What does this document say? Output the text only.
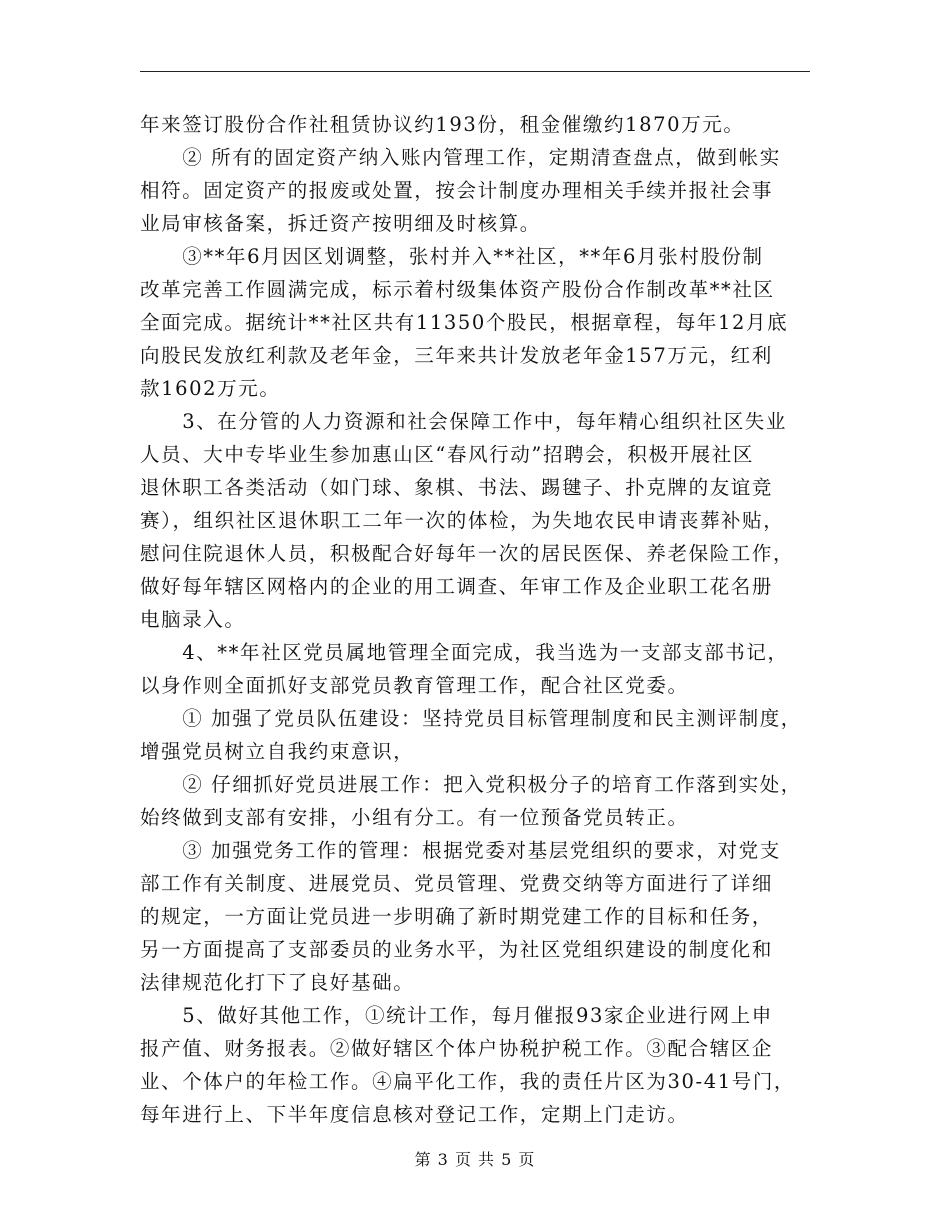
年来签订股份合作社租赁协议约193份，租金催缴约1870万元。
　　② 所有的固定资产纳入账内管理工作，定期清查盘点，做到帐实
相符。固定资产的报废或处置，按会计制度办理相关手续并报社会事
业局审核备案，拆迁资产按明细及时核算。
　　③**年6月因区划调整，张村并入**社区，**年6月张村股份制
改革完善工作圆满完成，标示着村级集体资产股份合作制改革**社区
全面完成。据统计**社区共有11350个股民，根据章程，每年12月底
向股民发放红利款及老年金，三年来共计发放老年金157万元，红利
款1602万元。
　　3、在分管的人力资源和社会保障工作中，每年精心组织社区失业
人员、大中专毕业生参加惠山区“春风行动”招聘会，积极开展社区
退休职工各类活动（如门球、象棋、书法、踢毽子、扑克牌的友谊竞
赛），组织社区退休职工二年一次的体检，为失地农民申请丧葬补贴，
慰问住院退休人员，积极配合好每年一次的居民医保、养老保险工作，
做好每年辖区网格内的企业的用工调查、年审工作及企业职工花名册
电脑录入。
　　4、**年社区党员属地管理全面完成，我当选为一支部支部书记，
以身作则全面抓好支部党员教育管理工作，配合社区党委。
　　① 加强了党员队伍建设：坚持党员目标管理制度和民主测评制度，
增强党员树立自我约束意识，
　　② 仔细抓好党员进展工作：把入党积极分子的培育工作落到实处，
始终做到支部有安排，小组有分工。有一位预备党员转正。
　　③ 加强党务工作的管理：根据党委对基层党组织的要求，对党支
部工作有关制度、进展党员、党员管理、党费交纳等方面进行了详细
的规定，一方面让党员进一步明确了新时期党建工作的目标和任务，
另一方面提高了支部委员的业务水平，为社区党组织建设的制度化和
法律规范化打下了良好基础。
　　5、做好其他工作，①统计工作，每月催报93家企业进行网上申
报产值、财务报表。②做好辖区个体户协税护税工作。③配合辖区企
业、个体户的年检工作。④扁平化工作，我的责任片区为30-41号门，
每年进行上、下半年度信息核对登记工作，定期上门走访。
第 3 页 共 5 页
